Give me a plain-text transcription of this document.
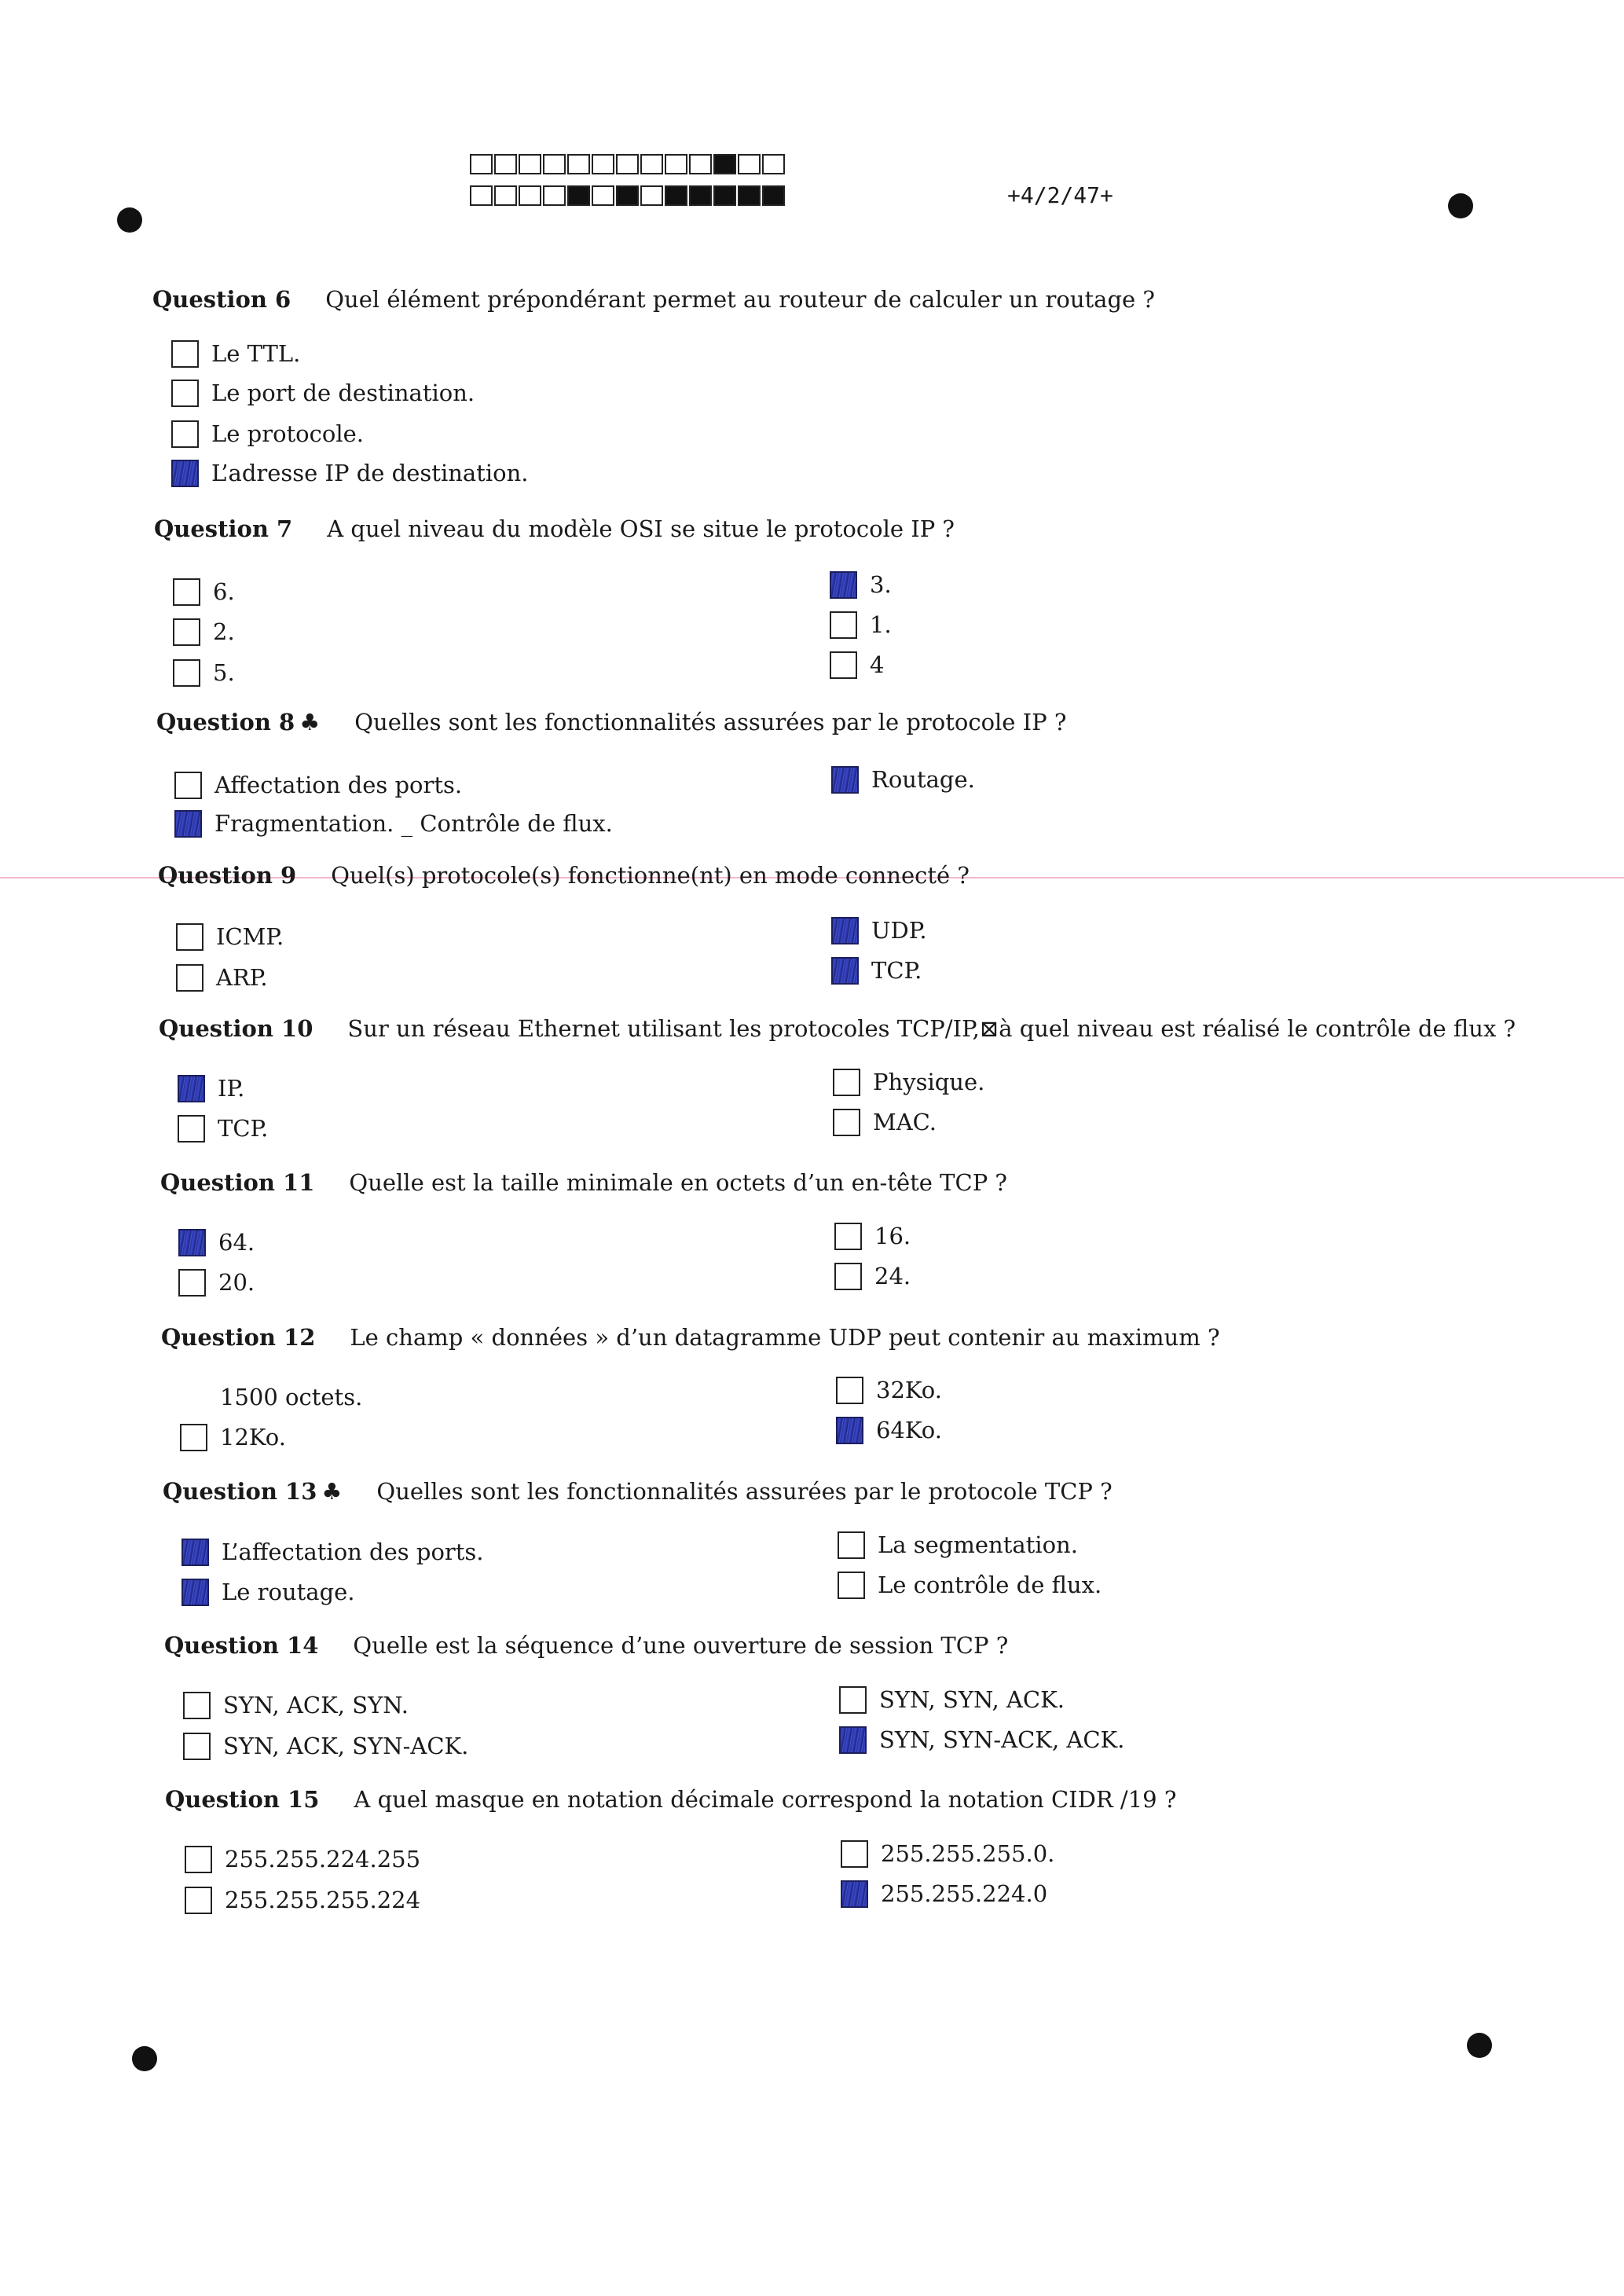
+4/2/47+
Question 6 Quel élément prépondérant permet au routeur de calculer un routage ?
Le TTL.
Le port de destination.
Le protocole.
L’adresse IP de destination.
Question 7 A quel niveau du modèle OSI se situe le protocole IP ?
6.
2.
5.
3.
1.
4
Question 8 ♣ Quelles sont les fonctionnalités assurées par le protocole IP ?
Affectation des ports.
Fragmentation. _ Contrôle de flux.
Routage.
Question 9 Quel(s) protocole(s) fonctionne(nt) en mode connecté ?
ICMP.
ARP.
UDP.
TCP.
Question 10 Sur un réseau Ethernet utilisant les protocoles TCP/IP,⊠à quel niveau est réalisé le contrôle de flux ?
IP.
TCP.
Physique.
MAC.
Question 11 Quelle est la taille minimale en octets d’un en-tête TCP ?
64.
20.
16.
24.
Question 12 Le champ « données » d’un datagramme UDP peut contenir au maximum ?
1500 octets.
12Ko.
32Ko.
64Ko.
Question 13 ♣ Quelles sont les fonctionnalités assurées par le protocole TCP ?
L’affectation des ports.
Le routage.
La segmentation.
Le contrôle de flux.
Question 14 Quelle est la séquence d’une ouverture de session TCP ?
SYN, ACK, SYN.
SYN, ACK, SYN-ACK.
SYN, SYN, ACK.
SYN, SYN-ACK, ACK.
Question 15 A quel masque en notation décimale correspond la notation CIDR /19 ?
255.255.224.255
255.255.255.224
255.255.255.0.
255.255.224.0
